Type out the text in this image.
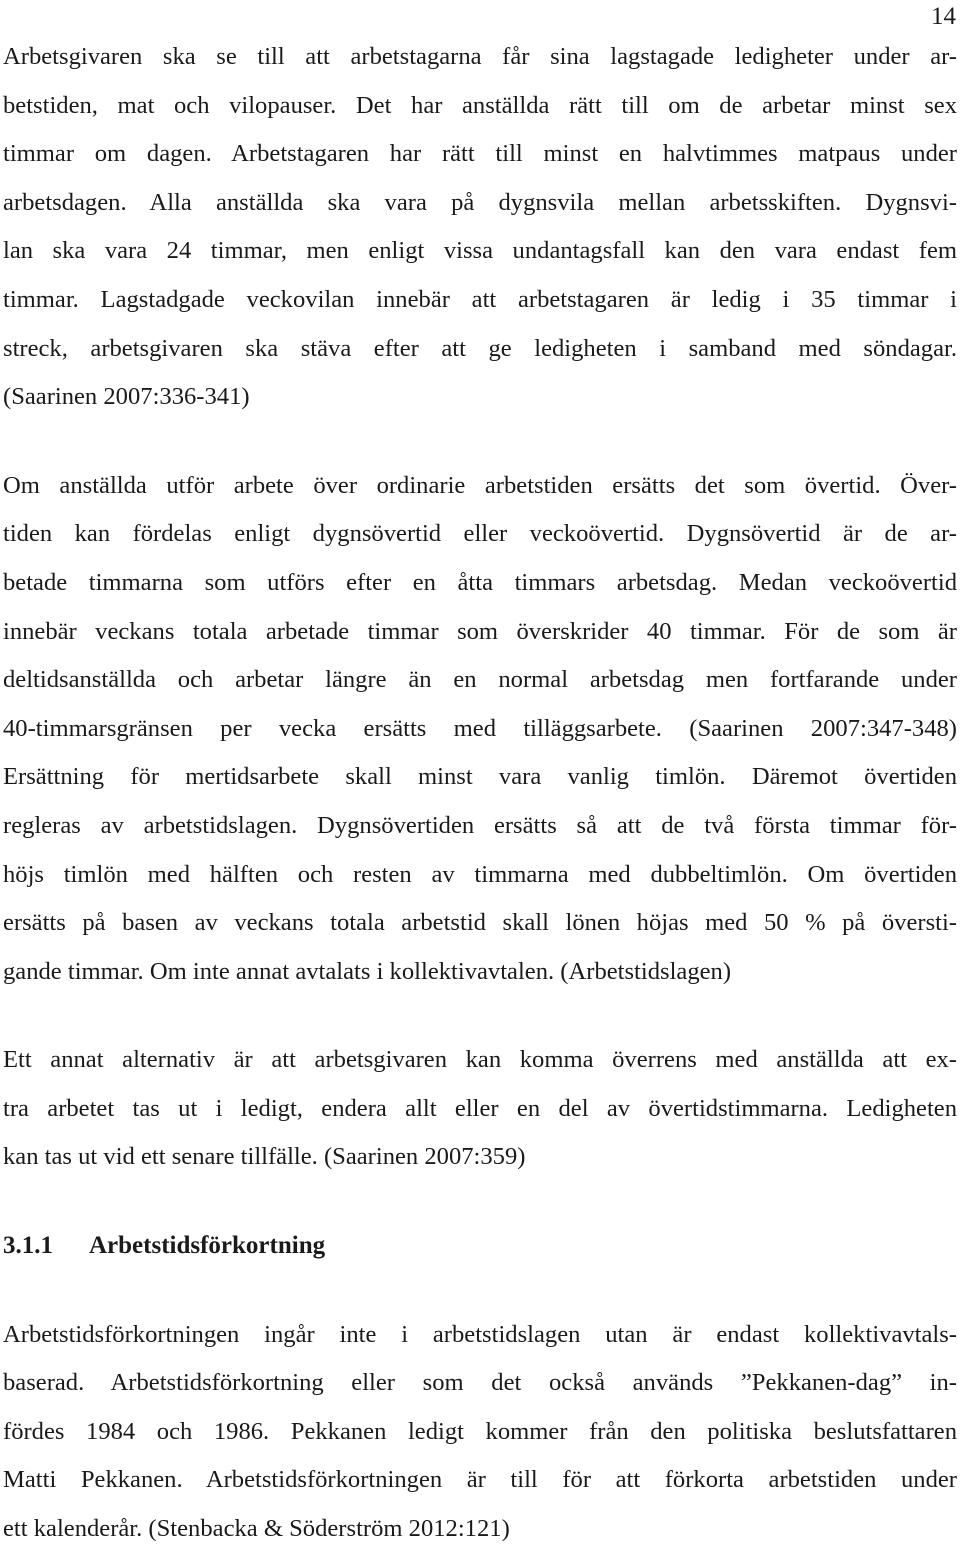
14
Arbetsgivaren ska se till att arbetstagarna får sina lagstagade ledigheter under ar-
betstiden, mat och vilopauser. Det har anställda rätt till om de arbetar minst sex
timmar om dagen. Arbetstagaren har rätt till minst en halvtimmes matpaus under
arbetsdagen. Alla anställda ska vara på dygnsvila mellan arbetsskiften. Dygnsvi-
lan ska vara 24 timmar, men enligt vissa undantagsfall kan den vara endast fem
timmar. Lagstadgade veckovilan innebär att arbetstagaren är ledig i 35 timmar i
streck, arbetsgivaren ska stäva efter att ge ledigheten i samband med söndagar.
(Saarinen 2007:336-341)
Om anställda utför arbete över ordinarie arbetstiden ersätts det som övertid. Över-
tiden kan fördelas enligt dygnsövertid eller veckoövertid. Dygnsövertid är de ar-
betade timmarna som utförs efter en åtta timmars arbetsdag. Medan veckoövertid
innebär veckans totala arbetade timmar som överskrider 40 timmar. För de som är
deltidsanställda och arbetar längre än en normal arbetsdag men fortfarande under
40-timmarsgränsen per vecka ersätts med tilläggsarbete. (Saarinen 2007:347-348)
Ersättning för mertidsarbete skall minst vara vanlig timlön. Däremot övertiden
regleras av arbetstidslagen. Dygnsövertiden ersätts så att de två första timmar för-
höjs timlön med hälften och resten av timmarna med dubbeltimlön. Om övertiden
ersätts på basen av veckans totala arbetstid skall lönen höjas med 50 % på översti-
gande timmar. Om inte annat avtalats i kollektivavtalen. (Arbetstidslagen)
Ett annat alternativ är att arbetsgivaren kan komma överrens med anställda att ex-
tra arbetet tas ut i ledigt, endera allt eller en del av övertidstimmarna. Ledigheten
kan tas ut vid ett senare tillfälle. (Saarinen 2007:359)
3.1.1 Arbetstidsförkortning
Arbetstidsförkortningen ingår inte i arbetstidslagen utan är endast kollektivavtals-
baserad. Arbetstidsförkortning eller som det också används ”Pekkanen-dag” in-
fördes 1984 och 1986. Pekkanen ledigt kommer från den politiska beslutsfattaren
Matti Pekkanen. Arbetstidsförkortningen är till för att förkorta arbetstiden under
ett kalenderår. (Stenbacka & Söderström 2012:121)
